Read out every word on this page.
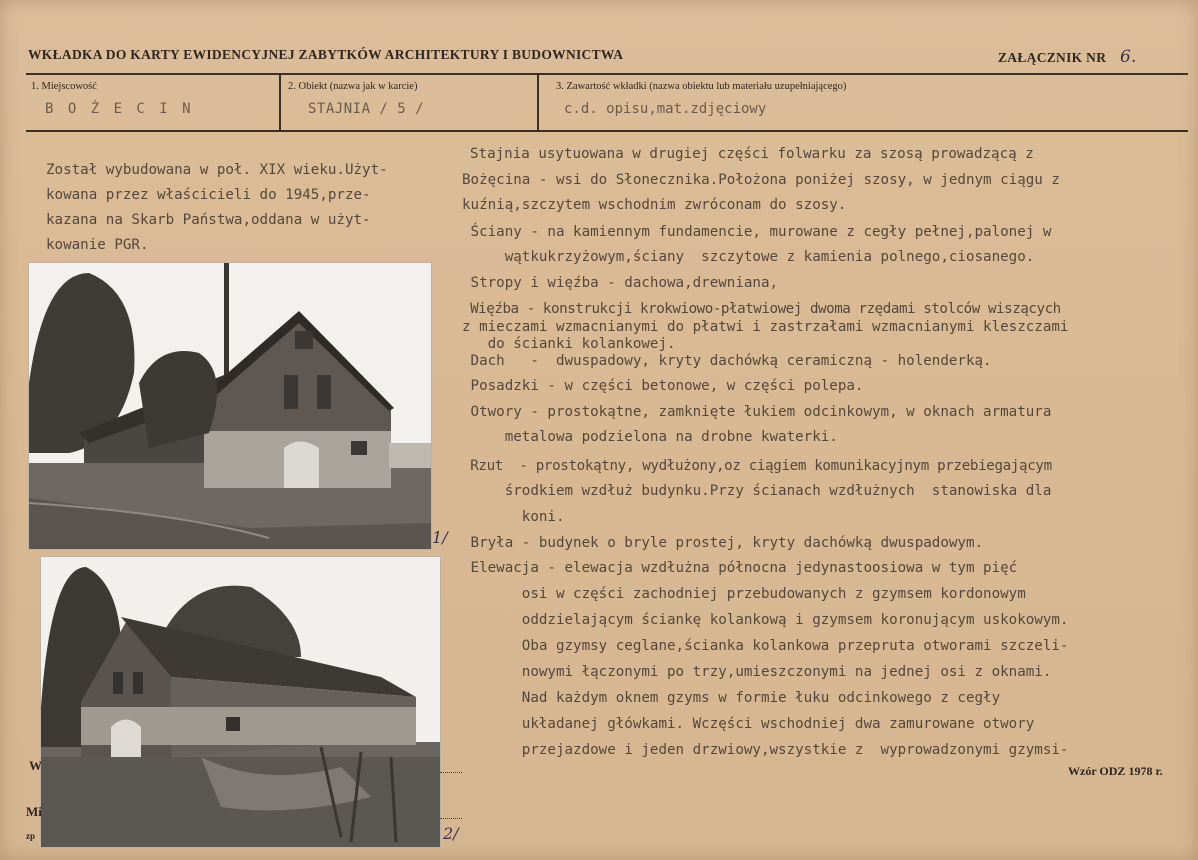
WKŁADKA DO KARTY EWIDENCYJNEJ ZABYTKÓW ARCHITEKTURY I BUDOWNICTWA	ZAŁĄCZNIK NR 6.
1. Miejscowość
B O Ż E C I N
2. Obiekt (nazwa jak w karcie)
STAJNIA / 5 /
3. Zawartość wkładki (nazwa obiektu lub materiału uzupełniającego)
c.d. opisu,mat.zdjęciowy
Został wybudowana w poł. XIX wieku.Użyt-
kowana przez właścicieli do 1945,prze-
kazana na Skarb Państwa,oddana w użyt-
kowanie PGR.
Stajnia usytuowana w drugiej części folwarku za szosą prowadzącą z
Bożęcina - wsi do Słonecznika.Położona poniżej szosy, w jednym ciągu z
kuźnią,szczytem wschodnim zwróconam do szosy.
Ściany - na kamiennym fundamencie, murowane z cegły pełnej,palonej w
wątkukrzyżowym,ściany  szczytowe z kamienia polnego,ciosanego.
Stropy i więźba - dachowa,drewniana,
Więźba - konstrukcji krokwiowo-płatwiowej dwoma rzędami stolców wiszących
z mieczami wzmacnianymi do płatwi i zastrzałami wzmacnianymi kleszczami
do ścianki kolankowej.
Dach   -  dwuspadowy, kryty dachówką ceramiczną - holenderką.
Posadzki - w części betonowe, w części polepa.
Otwory - prostokątne, zamknięte łukiem odcinkowym, w oknach armatura
metalowa podzielona na drobne kwaterki.
Rzut  - prostokątny, wydłużony,oz ciągiem komunikacyjnym przebiegającym
środkiem wzdłuż budynku.Przy ścianach wzdłużnych  stanowiska dla
koni.
Bryła - budynek o bryle prostej, kryty dachówką dwuspadowym.
Elewacja - elewacja wzdłużna północna jedynastoosiowa w tym pięć
osi w części zachodniej przebudowanych z gzymsem kordonowym
oddzielającym ściankę kolankową i gzymsem koronującym uskokowym.
Oba gzymsy ceglane,ścianka kolankowa przepruta otworami szczeli-
nowymi łączonymi po trzy,umieszczonymi na jednej osi z oknami.
Nad każdym oknem gzyms w formie łuku odcinkowego z cegły
układanej główkami. Wczęści wschodniej dwa zamurowane otwory
przejazdowe i jeden drzwiowy,wszystkie z  wyprowadzonymi gzymsi-
1/
2/
W
Mi
zp
Wzór ODZ 1978 r.
